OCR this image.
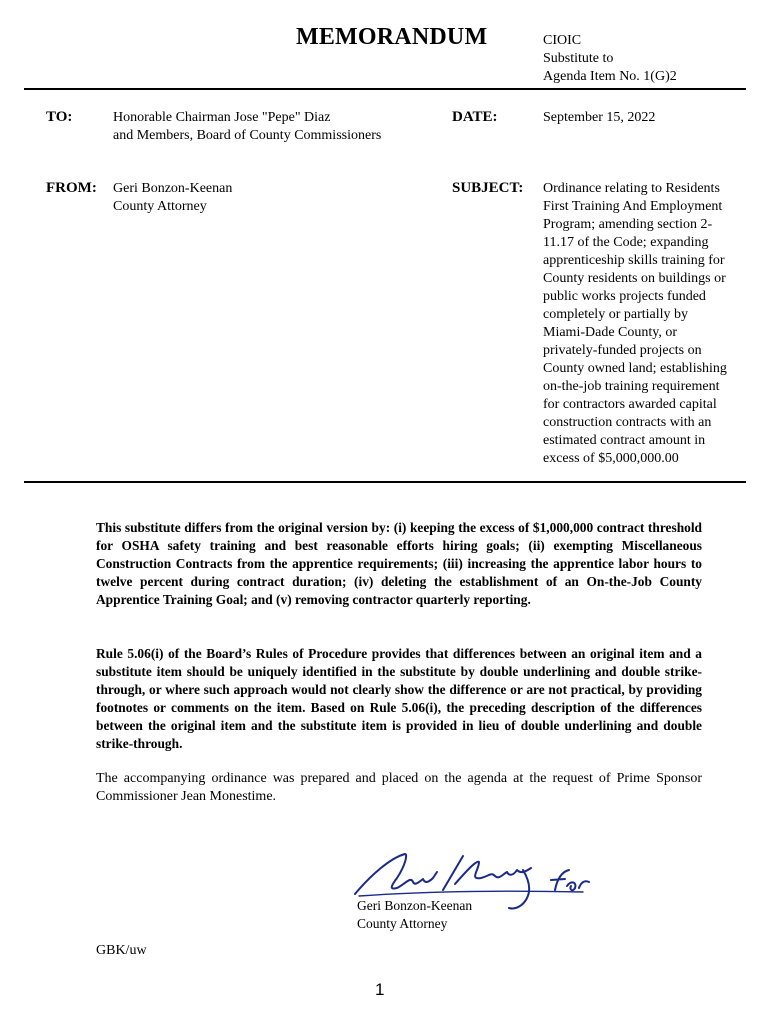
MEMORANDUM	CIOIC
Substitute to
Agenda Item No. 1(G)2
TO:	Honorable Chairman Jose "Pepe" Diaz
and Members, Board of County Commissioners
DATE:	September 15, 2022
FROM: Geri Bonzon-Keenan
County Attorney
SUBJECT: Ordinance relating to Residents
First Training And Employment
Program; amending section 2-
11.17 of the Code; expanding
apprenticeship skills training for
County residents on buildings or
public works projects funded
completely or partially by
Miami-Dade County, or
privately-funded projects on
County owned land; establishing
on-the-job training requirement
for contractors awarded capital
construction contracts with an
estimated contract amount in
excess of $5,000,000.00
This substitute differs from the original version by: (i) keeping the excess of $1,000,000 contract threshold for OSHA safety training and best reasonable efforts hiring goals; (ii) exempting Miscellaneous Construction Contracts from the apprentice requirements; (iii) increasing the apprentice labor hours to twelve percent during contract duration; (iv) deleting the establishment of an On-the-Job County Apprentice Training Goal; and (v) removing contractor quarterly reporting.
Rule 5.06(i) of the Board’s Rules of Procedure provides that differences between an original item and a substitute item should be uniquely identified in the substitute by double underlining and double strike-through, or where such approach would not clearly show the difference or are not practical, by providing footnotes or comments on the item. Based on Rule 5.06(i), the preceding description of the differences between the original item and the substitute item is provided in lieu of double underlining and double strike-through.
The accompanying ordinance was prepared and placed on the agenda at the request of Prime Sponsor Commissioner Jean Monestime.
Geri Bonzon-Keenan
County Attorney
GBK/uw
1
